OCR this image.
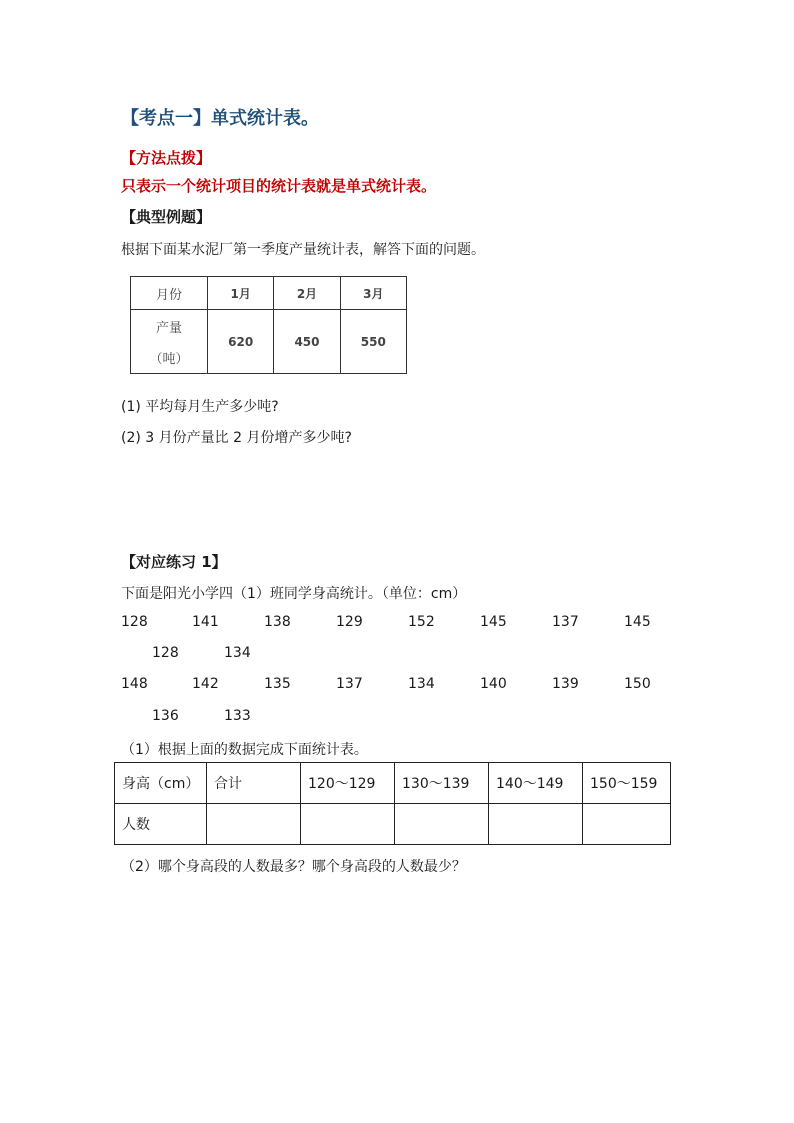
【考点一】单式统计表。
【方法点拨】
只表示一个统计项目的统计表就是单式统计表。
【典型例题】
根据下面某水泥厂第一季度产量统计表，解答下面的问题。
月份	1月	2月	3月

产量
（吨）	620	450	550
(1) 平均每月生产多少吨?
(2) 3 月份产量比 2 月份增产多少吨?
【对应练习 1】
下面是阳光小学四（1）班同学身高统计。（单位：cm）
128	141	138	129	152	145	137	145
128	134
148	142	135	137	134	140	139	150
136	133
（1）根据上面的数据完成下面统计表。
身高（cm）	合计	120～129	130～139	140～149	150～159
人数					
（2）哪个身高段的人数最多？哪个身高段的人数最少？
